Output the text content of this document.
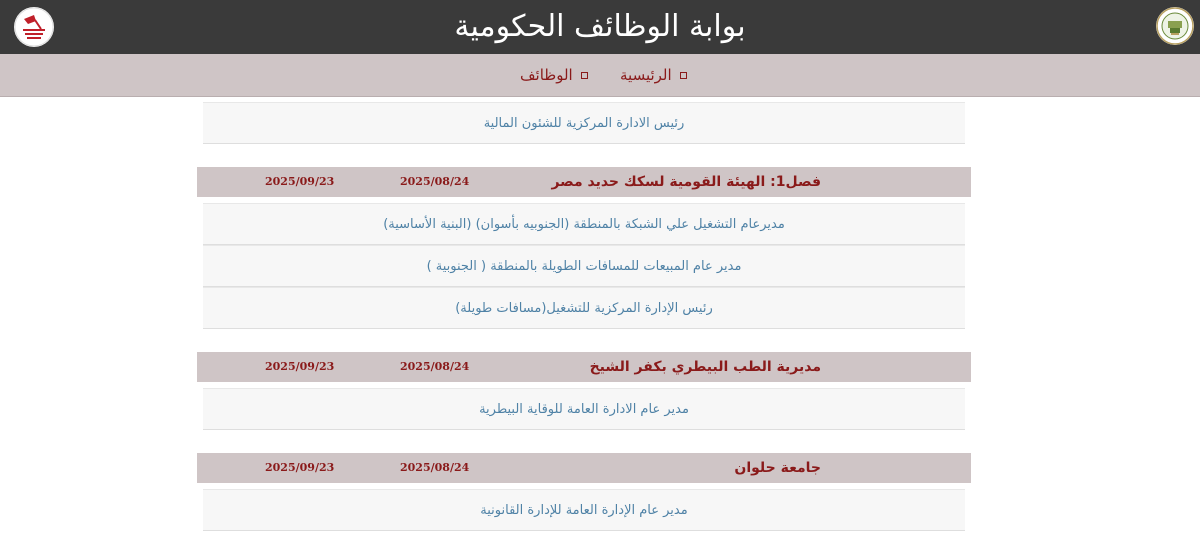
بوابة الوظائف الحكومية
الرئيسية
الوظائف
رئيس الادارة المركزية للشئون المالية
فصل1: الهيئة القومية لسكك حديد مصر
2025/08/24
2025/09/23
مديرعام التشغيل علي الشبكة بالمنطقة (الجنوبيه بأسوان) (البنية الأساسية)
مدير عام المبيعات للمسافات الطويلة بالمنطقة ( الجنوبية )
رئيس الإدارة المركزية للتشغيل(مسافات طويلة)
مديرية الطب البيطري بكفر الشيخ
2025/08/24
2025/09/23
مدير عام الادارة العامة للوقاية البيطرية
جامعة حلوان
2025/08/24
2025/09/23
مدير عام الإدارة العامة للإدارة القانونية
